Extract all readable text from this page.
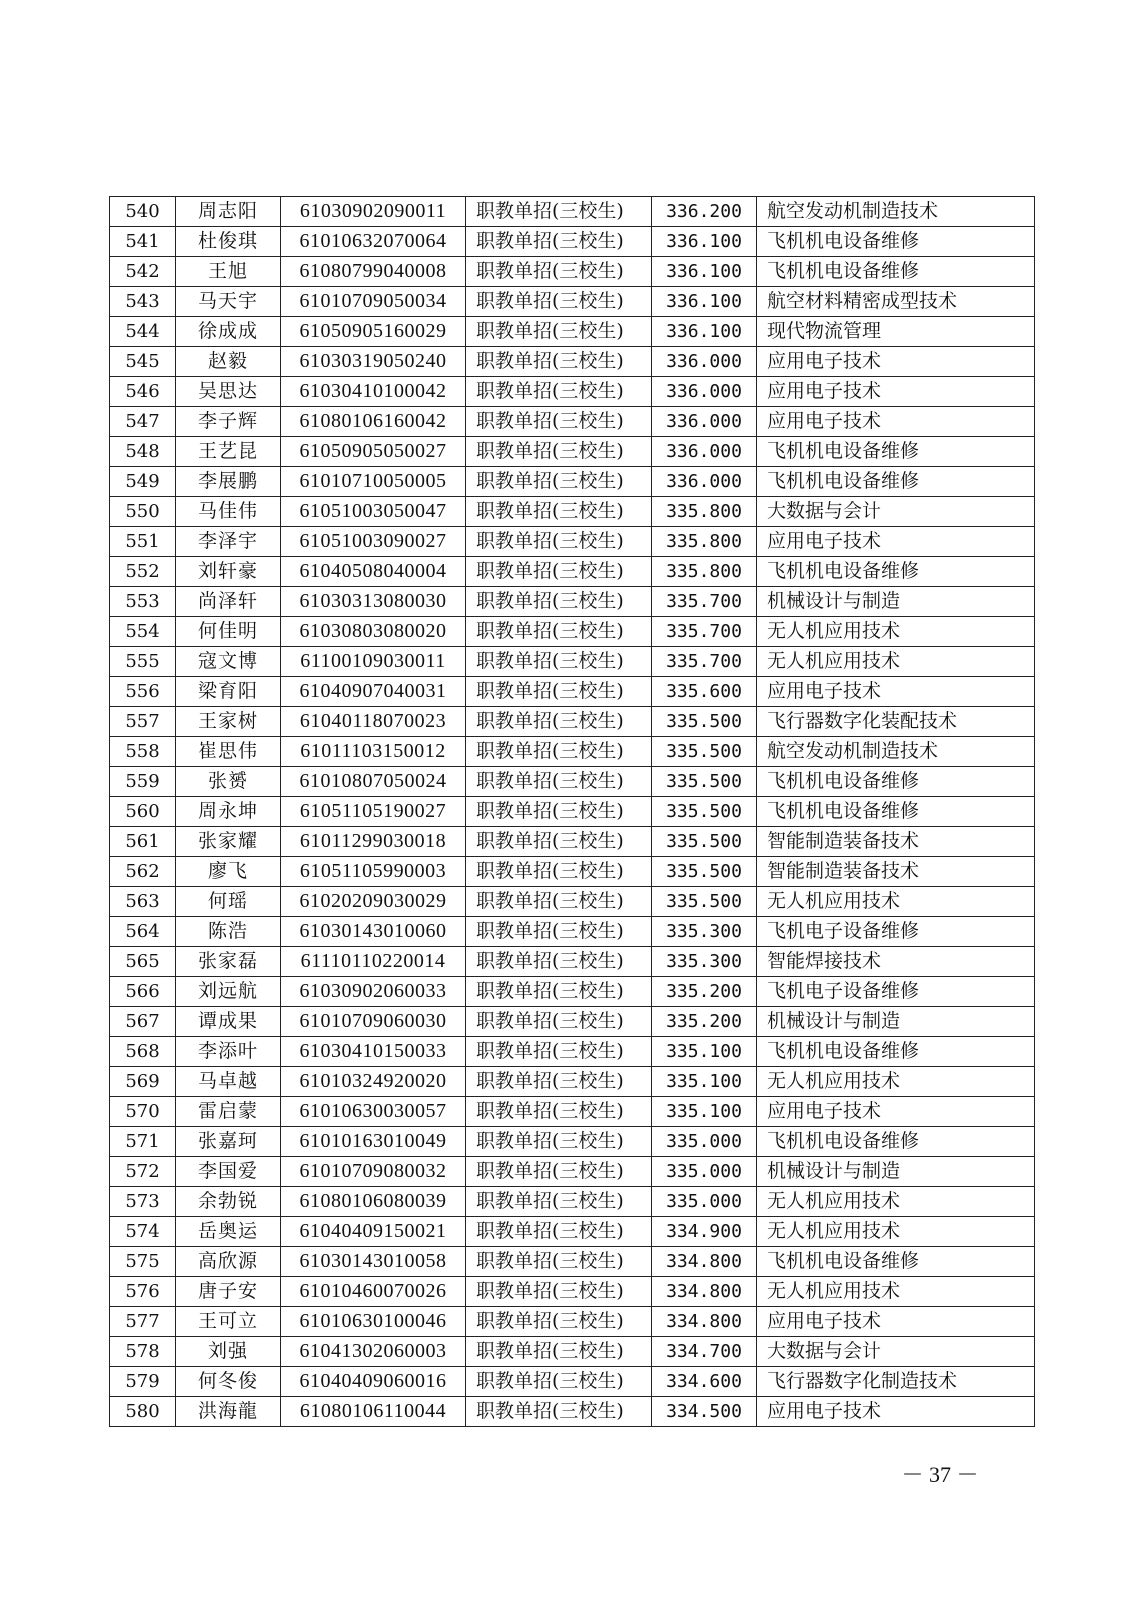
540	周志阳	61030902090011	职教单招(三校生)	336.200	航空发动机制造技术
541	杜俊琪	61010632070064	职教单招(三校生)	336.100	飞机机电设备维修
542	王旭	61080799040008	职教单招(三校生)	336.100	飞机机电设备维修
543	马天宇	61010709050034	职教单招(三校生)	336.100	航空材料精密成型技术
544	徐成成	61050905160029	职教单招(三校生)	336.100	现代物流管理
545	赵毅	61030319050240	职教单招(三校生)	336.000	应用电子技术
546	吴思达	61030410100042	职教单招(三校生)	336.000	应用电子技术
547	李子辉	61080106160042	职教单招(三校生)	336.000	应用电子技术
548	王艺昆	61050905050027	职教单招(三校生)	336.000	飞机机电设备维修
549	李展鹏	61010710050005	职教单招(三校生)	336.000	飞机机电设备维修
550	马佳伟	61051003050047	职教单招(三校生)	335.800	大数据与会计
551	李泽宇	61051003090027	职教单招(三校生)	335.800	应用电子技术
552	刘轩豪	61040508040004	职教单招(三校生)	335.800	飞机机电设备维修
553	尚泽轩	61030313080030	职教单招(三校生)	335.700	机械设计与制造
554	何佳明	61030803080020	职教单招(三校生)	335.700	无人机应用技术
555	寇文博	61100109030011	职教单招(三校生)	335.700	无人机应用技术
556	梁育阳	61040907040031	职教单招(三校生)	335.600	应用电子技术
557	王家树	61040118070023	职教单招(三校生)	335.500	飞行器数字化装配技术
558	崔思伟	61011103150012	职教单招(三校生)	335.500	航空发动机制造技术
559	张赟	61010807050024	职教单招(三校生)	335.500	飞机机电设备维修
560	周永坤	61051105190027	职教单招(三校生)	335.500	飞机机电设备维修
561	张家耀	61011299030018	职教单招(三校生)	335.500	智能制造装备技术
562	廖飞	61051105990003	职教单招(三校生)	335.500	智能制造装备技术
563	何瑶	61020209030029	职教单招(三校生)	335.500	无人机应用技术
564	陈浩	61030143010060	职教单招(三校生)	335.300	飞机电子设备维修
565	张家磊	61110110220014	职教单招(三校生)	335.300	智能焊接技术
566	刘远航	61030902060033	职教单招(三校生)	335.200	飞机电子设备维修
567	谭成果	61010709060030	职教单招(三校生)	335.200	机械设计与制造
568	李添叶	61030410150033	职教单招(三校生)	335.100	飞机机电设备维修
569	马卓越	61010324920020	职教单招(三校生)	335.100	无人机应用技术
570	雷启蒙	61010630030057	职教单招(三校生)	335.100	应用电子技术
571	张嘉珂	61010163010049	职教单招(三校生)	335.000	飞机机电设备维修
572	李国爱	61010709080032	职教单招(三校生)	335.000	机械设计与制造
573	余勃锐	61080106080039	职教单招(三校生)	335.000	无人机应用技术
574	岳奥运	61040409150021	职教单招(三校生)	334.900	无人机应用技术
575	高欣源	61030143010058	职教单招(三校生)	334.800	飞机机电设备维修
576	唐子安	61010460070026	职教单招(三校生)	334.800	无人机应用技术
577	王可立	61010630100046	职教单招(三校生)	334.800	应用电子技术
578	刘强	61041302060003	职教单招(三校生)	334.700	大数据与会计
579	何冬俊	61040409060016	职教单招(三校生)	334.600	飞行器数字化制造技术
580	洪海龍	61080106110044	职教单招(三校生)	334.500	应用电子技术
－ 37 －
